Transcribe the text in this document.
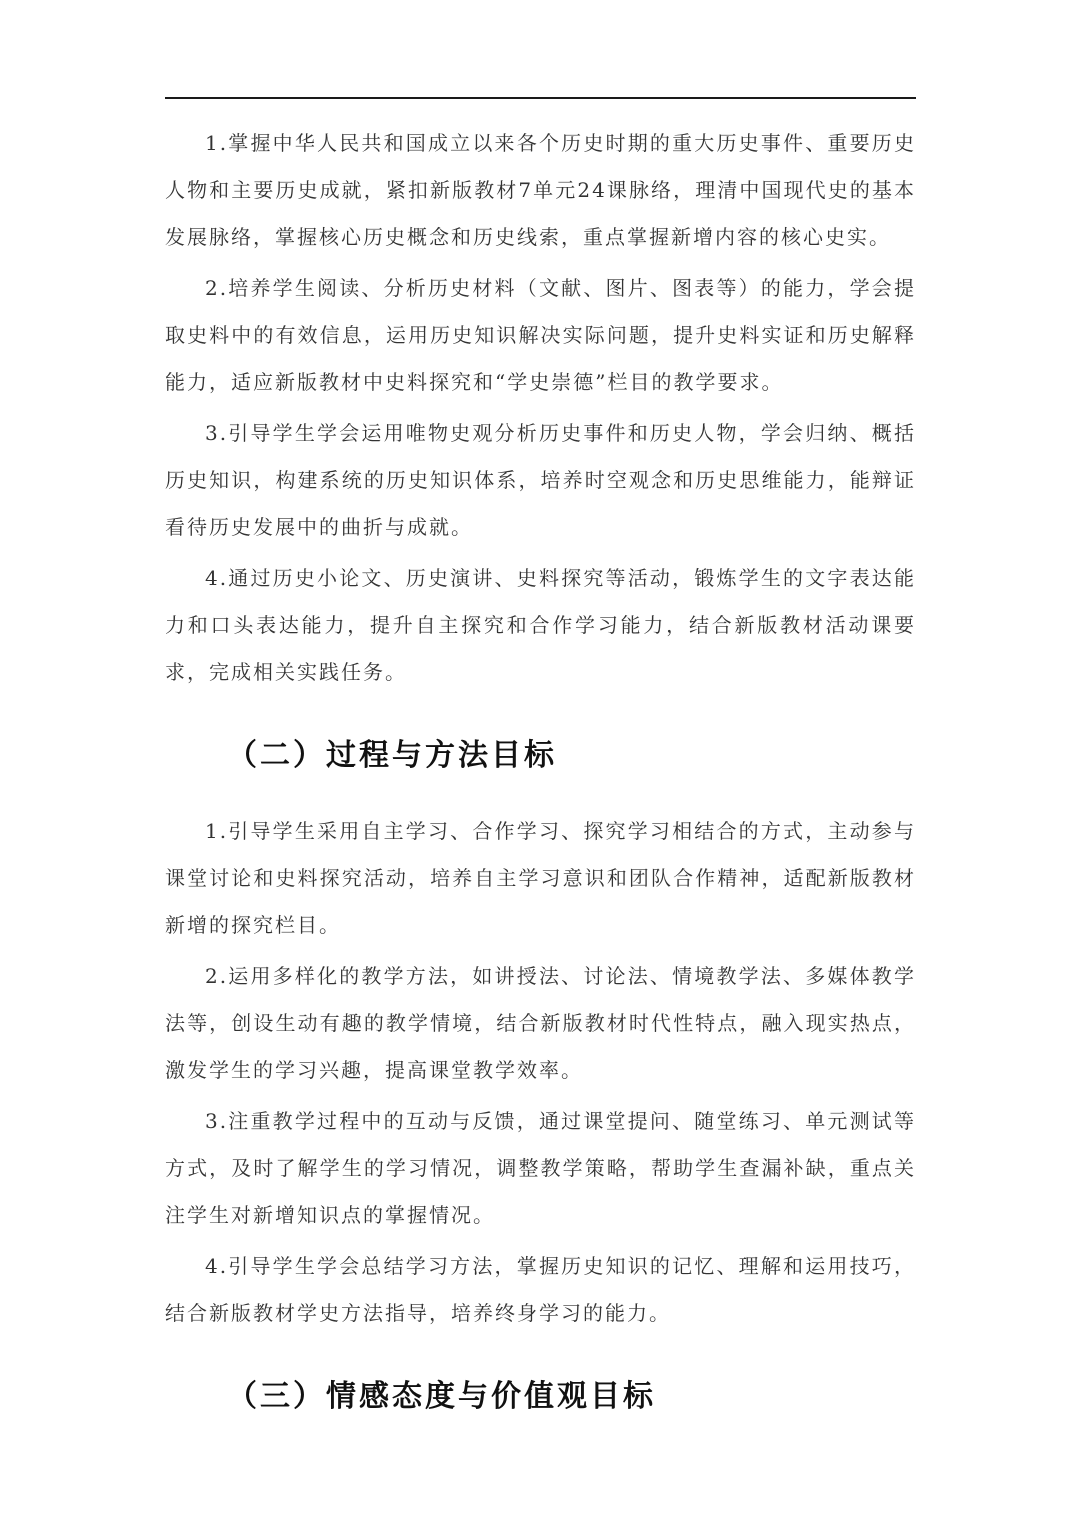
1.掌握中华人民共和国成立以来各个历史时期的重大历史事件、重要历史人物和主要历史成就，紧扣新版教材7单元24课脉络，理清中国现代史的基本发展脉络，掌握核心历史概念和历史线索，重点掌握新增内容的核心史实。

2.培养学生阅读、分析历史材料（文献、图片、图表等）的能力，学会提取史料中的有效信息，运用历史知识解决实际问题，提升史料实证和历史解释能力，适应新版教材中史料探究和“学史崇德”栏目的教学要求。

3.引导学生学会运用唯物史观分析历史事件和历史人物，学会归纳、概括历史知识，构建系统的历史知识体系，培养时空观念和历史思维能力，能辩证看待历史发展中的曲折与成就。

4.通过历史小论文、历史演讲、史料探究等活动，锻炼学生的文字表达能力和口头表达能力，提升自主探究和合作学习能力，结合新版教材活动课要求，完成相关实践任务。

（二）过程与方法目标

1.引导学生采用自主学习、合作学习、探究学习相结合的方式，主动参与课堂讨论和史料探究活动，培养自主学习意识和团队合作精神，适配新版教材新增的探究栏目。

2.运用多样化的教学方法，如讲授法、讨论法、情境教学法、多媒体教学法等，创设生动有趣的教学情境，结合新版教材时代性特点，融入现实热点，激发学生的学习兴趣，提高课堂教学效率。

3.注重教学过程中的互动与反馈，通过课堂提问、随堂练习、单元测试等方式，及时了解学生的学习情况，调整教学策略，帮助学生查漏补缺，重点关注学生对新增知识点的掌握情况。

4.引导学生学会总结学习方法，掌握历史知识的记忆、理解和运用技巧，结合新版教材学史方法指导，培养终身学习的能力。

（三）情感态度与价值观目标
